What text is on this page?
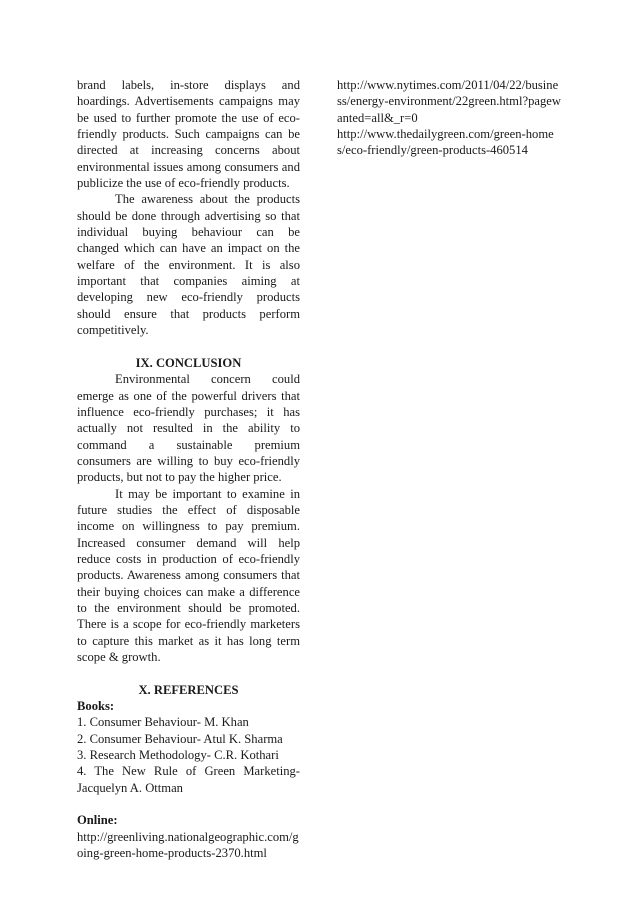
brand labels, in-store displays and hoardings. Advertisements campaigns may be used to further promote the use of eco-friendly products. Such campaigns can be directed at increasing concerns about environmental issues among consumers and publicize the use of eco-friendly products.

The awareness about the products should be done through advertising so that individual buying behaviour can be changed which can have an impact on the welfare of the environment. It is also important that companies aiming at developing new eco-friendly products should ensure that products perform competitively.

IX. CONCLUSION

Environmental concern could emerge as one of the powerful drivers that influence eco-friendly purchases; it has actually not resulted in the ability to command a sustainable premium consumers are willing to buy eco-friendly products, but not to pay the higher price.

It may be important to examine in future studies the effect of disposable income on willingness to pay premium. Increased consumer demand will help reduce costs in production of eco-friendly products. Awareness among consumers that their buying choices can make a difference to the environment should be promoted. There is a scope for eco-friendly marketers to capture this market as it has long term scope & growth.

X. REFERENCES

Books:

1. Consumer Behaviour- M. Khan

2. Consumer Behaviour- Atul K. Sharma

3. Research Methodology- C.R. Kothari

4. The New Rule of Green Marketing- Jacquelyn A. Ottman

Online:

http://greenliving.nationalgeographic.com/going-green-home-products-2370.html

http://www.nytimes.com/2011/04/22/business/energy-environment/22green.html?pagewanted=all&_r=0

http://www.thedailygreen.com/green-homes/eco-friendly/green-products-460514
